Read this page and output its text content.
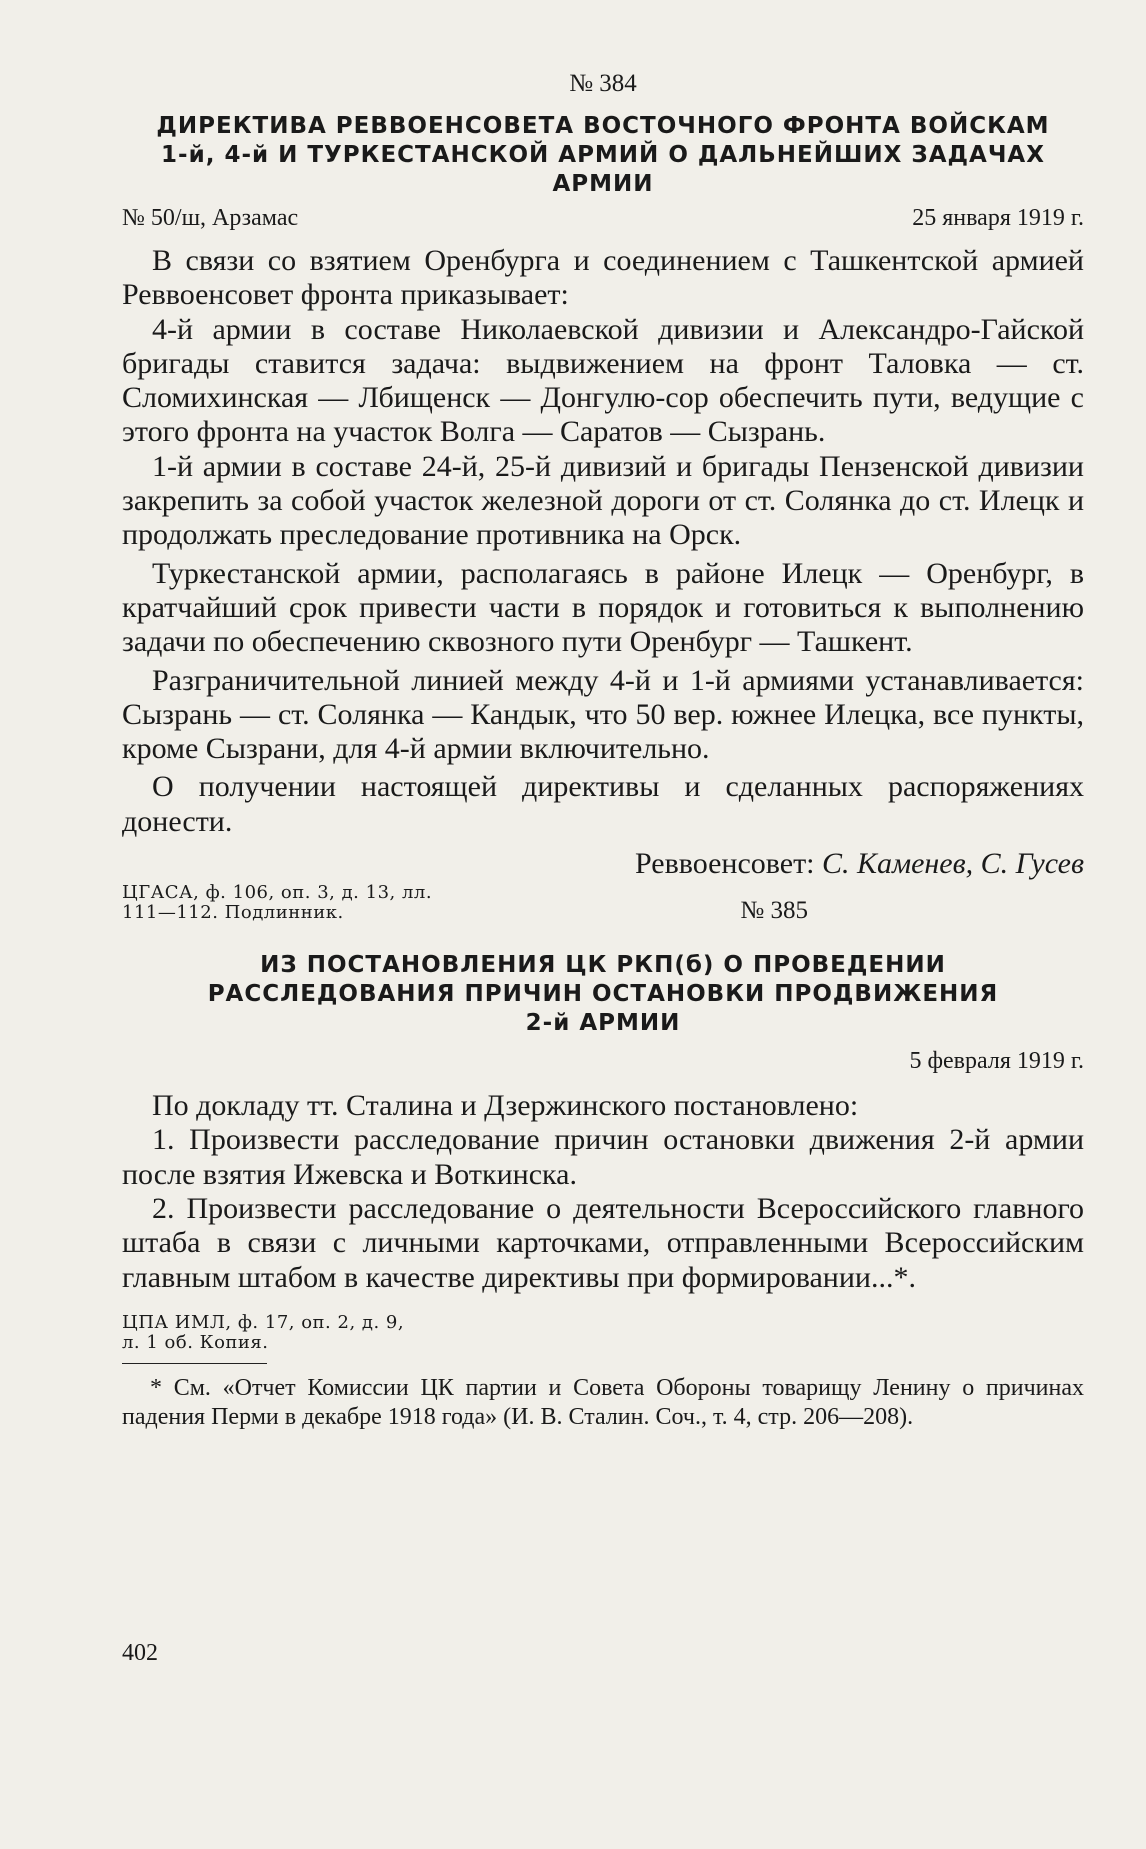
№ 384
ДИРЕКТИВА РЕВВОЕНСОВЕТА ВОСТОЧНОГО ФРОНТА ВОЙСКАМ
1-й, 4-й И ТУРКЕСТАНСКОЙ АРМИЙ О ДАЛЬНЕЙШИХ ЗАДАЧАХ
АРМИИ
№ 50/ш, Арзамас	25 января 1919 г.

В связи со взятием Оренбурга и соединением с Ташкентской армией Реввоенсовет фронта приказывает:

4-й армии в составе Николаевской дивизии и Александро-Гайской бригады ставится задача: выдвижением на фронт Таловка — ст. Сломихинская — Лбищенск — Донгулю-сор обеспечить пути, ведущие с этого фронта на участок Волга — Саратов — Сызрань.

1-й армии в составе 24-й, 25-й дивизий и бригады Пензенской дивизии закрепить за собой участок железной дороги от ст. Солянка до ст. Илецк и продолжать преследование противника на Орск.

Туркестанской армии, располагаясь в районе Илецк — Оренбург, в кратчайший срок привести части в порядок и готовиться к выполнению задачи по обеспечению сквозного пути Оренбург — Ташкент.

Разграничительной линией между 4-й и 1-й армиями устанавливается: Сызрань — ст. Солянка — Кандык, что 50 вер. южнее Илецка, все пункты, кроме Сызрани, для 4-й армии включительно.

О получении настоящей директивы и сделанных распоряжениях донести.

Реввоенсовет: С. Каменев, С. Гусев
ЦГАСА, ф. 106, оп. 3, д. 13, лл.
111—112. Подлинник.	№ 385
ИЗ ПОСТАНОВЛЕНИЯ ЦК РКП(б) О ПРОВЕДЕНИИ
РАССЛЕДОВАНИЯ ПРИЧИН ОСТАНОВКИ ПРОДВИЖЕНИЯ
2-й АРМИИ
5 февраля 1919 г.

По докладу тт. Сталина и Дзержинского постановлено:

1. Произвести расследование причин остановки движения 2-й армии после взятия Ижевска и Воткинска.

2. Произвести расследование о деятельности Всероссийского главного штаба в связи с личными карточками, отправленными Всероссийским главным штабом в качестве директивы при формировании...*.

ЦПА ИМЛ, ф. 17, оп. 2, д. 9,
л. 1 об. Копия.

* См. «Отчет Комиссии ЦК партии и Совета Обороны товарищу Ленину о причинах падения Перми в декабре 1918 года» (И. В. Сталин. Соч., т. 4, стр. 206—208).

402
